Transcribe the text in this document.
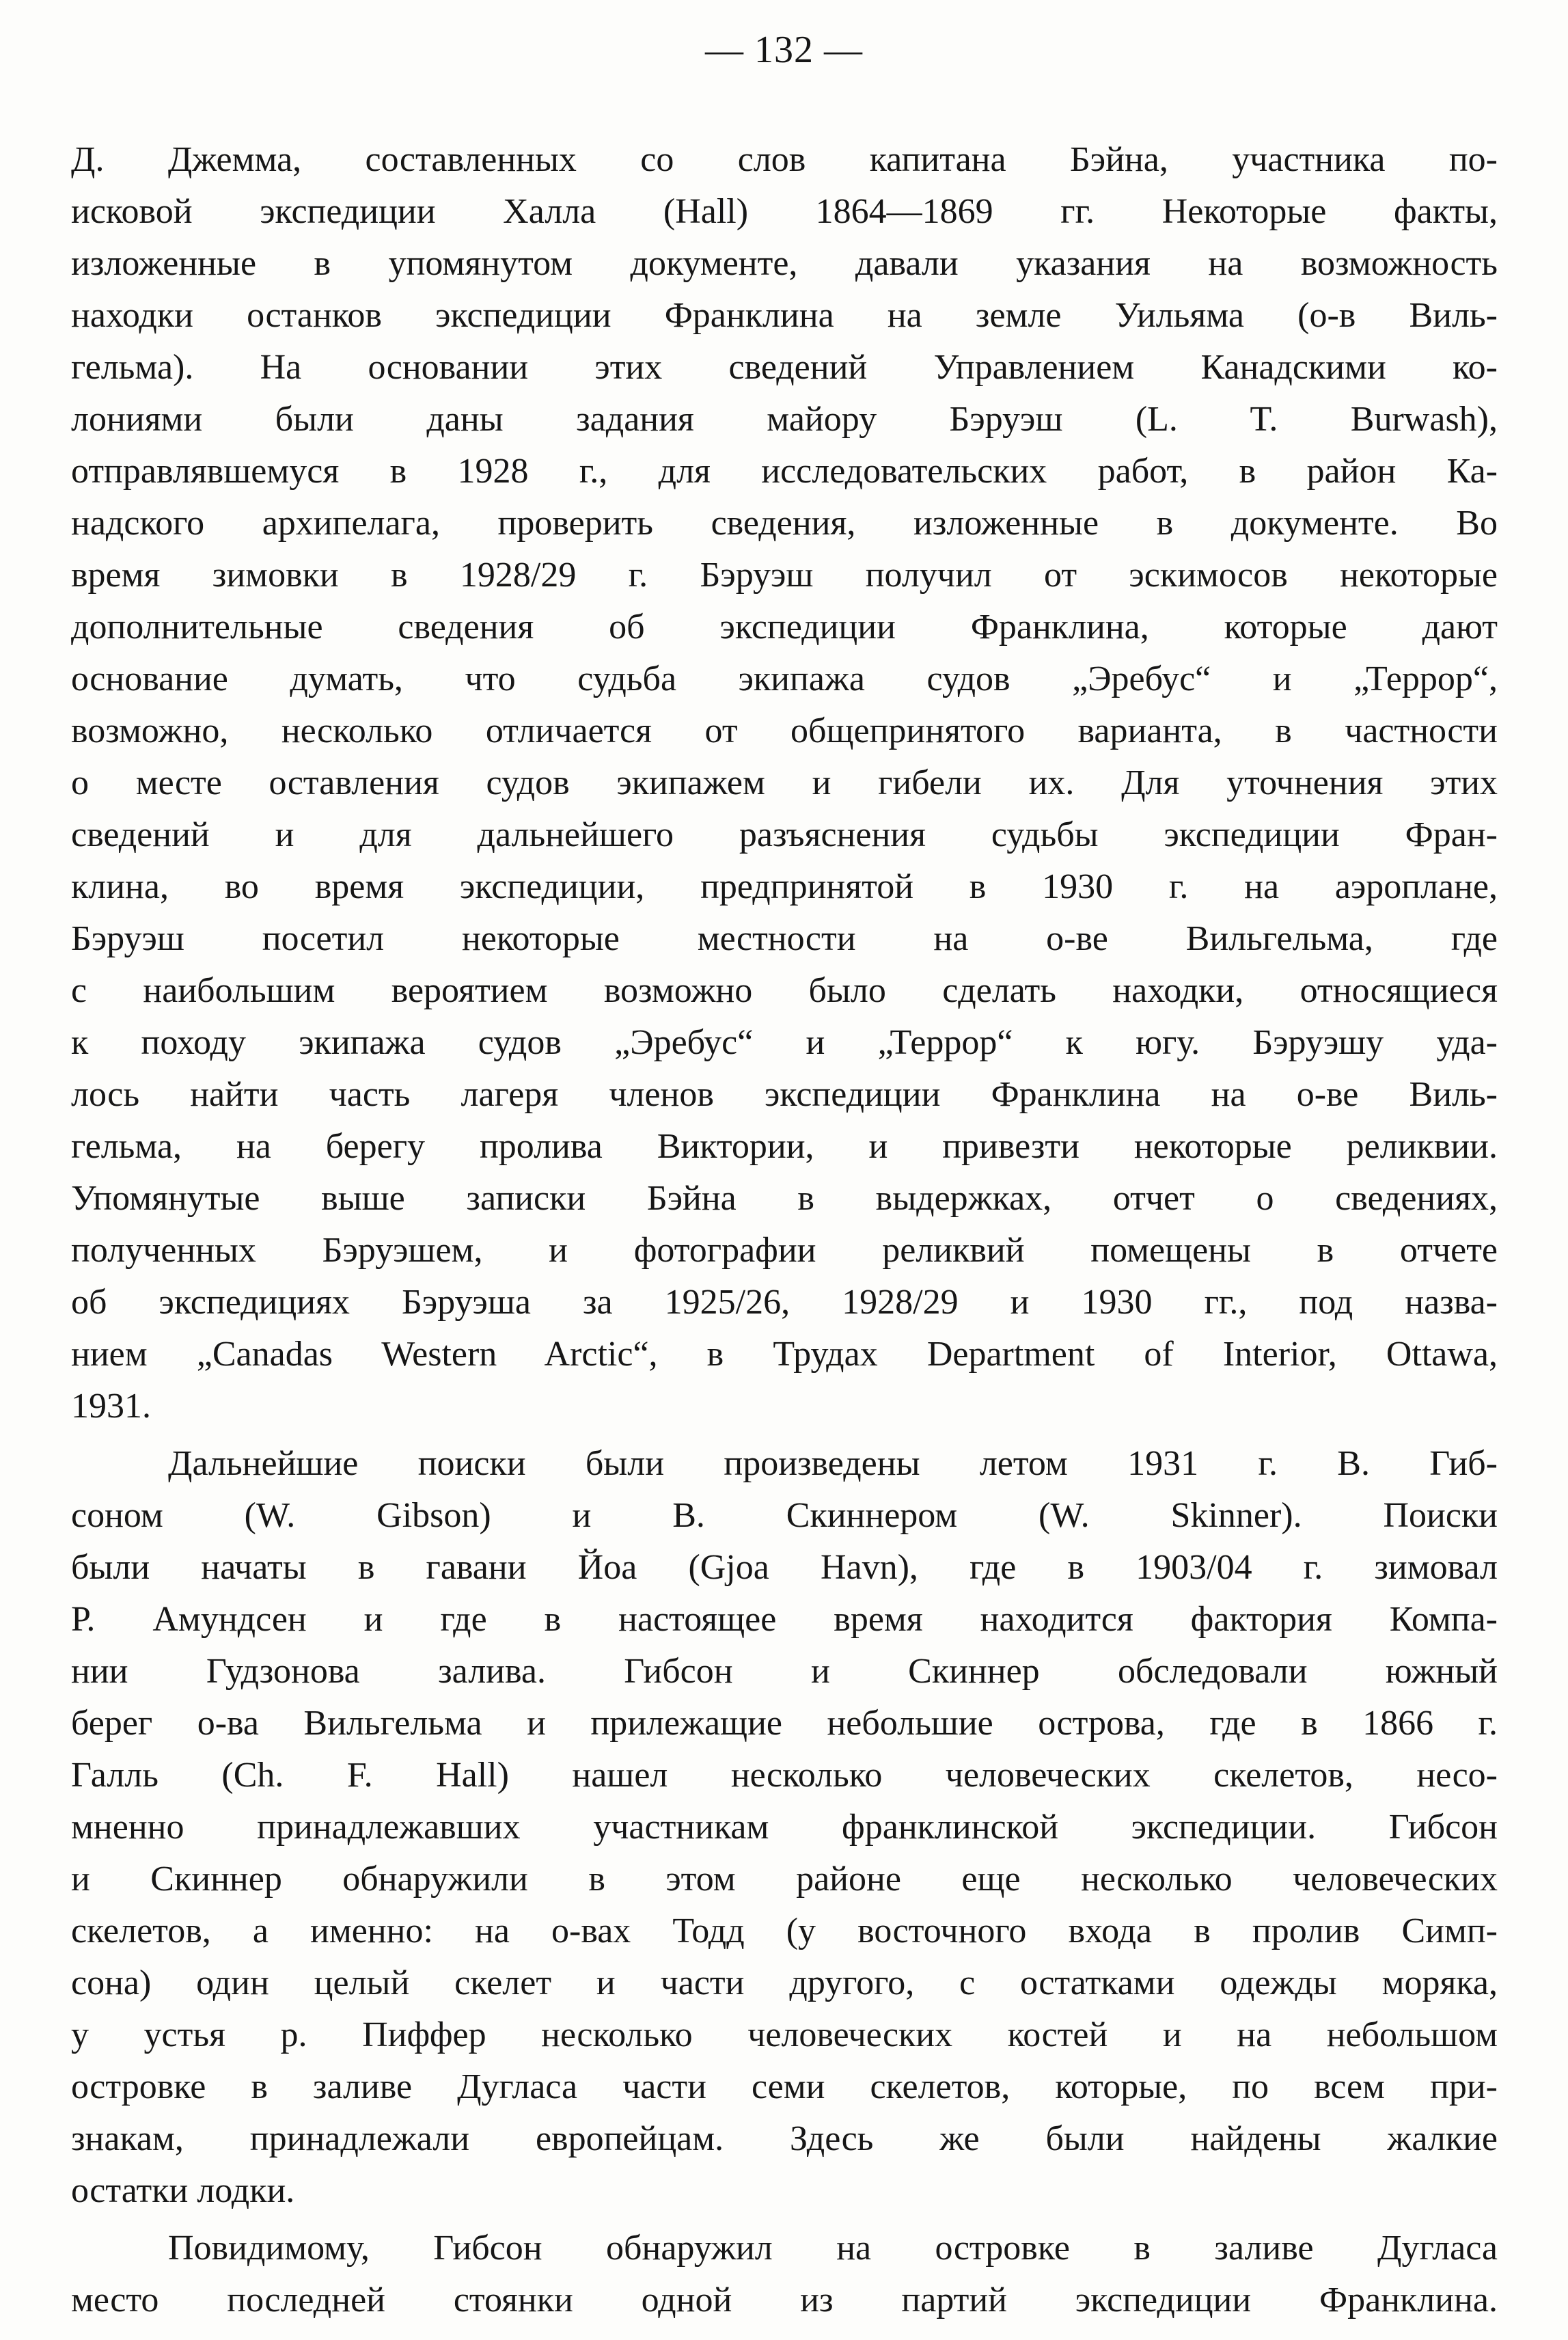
— 132 —
Д. Джемма, составленных со слов капитана Бэйна, участника по-
исковой экспедиции Халла (Hall) 1864—1869 гг. Некоторые факты,
изложенные в упомянутом документе, давали указания на возможность
находки останков экспедиции Франклина на земле Уильяма (о-в Виль-
гельма). На основании этих сведений Управлением Канадскими ко-
лониями были даны задания майору Бэруэш (L. T. Burwash),
отправлявшемуся в 1928 г., для исследовательских работ, в район Ка-
надского архипелага, проверить сведения, изложенные в документе. Во
время зимовки в 1928/29 г. Бэруэш получил от эскимосов некоторые
дополнительные сведения об экспедиции Франклина, которые дают
основание думать, что судьба экипажа судов „Эребус“ и „Террор“,
возможно, несколько отличается от общепринятого варианта, в частности
о месте оставления судов экипажем и гибели их. Для уточнения этих
сведений и для дальнейшего разъяснения судьбы экспедиции Фран-
клина, во время экспедиции, предпринятой в 1930 г. на аэроплане,
Бэруэш посетил некоторые местности на о-ве Вильгельма, где
с наибольшим вероятием возможно было сделать находки, относящиеся
к походу экипажа судов „Эребус“ и „Террор“ к югу. Бэруэшу уда-
лось найти часть лагеря членов экспедиции Франклина на о-ве Виль-
гельма, на берегу пролива Виктории, и привезти некоторые реликвии.
Упомянутые выше записки Бэйна в выдержках, отчет о сведениях,
полученных Бэруэшем, и фотографии реликвий помещены в отчете
об экспедициях Бэруэша за 1925/26, 1928/29 и 1930 гг., под назва-
нием „Canadas Western Arctic“, в Трудах Department of Interior, Ottawa,
1931.
Дальнейшие поиски были произведены летом 1931 г. В. Гиб-
соном (W. Gibson) и В. Скиннером (W. Skinner). Поиски
были начаты в гавани Йоа (Gjoa Havn), где в 1903/04 г. зимовал
Р. Амундсен и где в настоящее время находится фактория Компа-
нии Гудзонова залива. Гибсон и Скиннер обследовали южный
берег о-ва Вильгельма и прилежащие небольшие острова, где в 1866 г.
Галль (Ch. F. Hall) нашел несколько человеческих скелетов, несо-
мненно принадлежавших участникам франклинской экспедиции. Гибсон
и Скиннер обнаружили в этом районе еще несколько человеческих
скелетов, а именно: на о-вах Тодд (у восточного входа в пролив Симп-
сона) один целый скелет и части другого, с остатками одежды моряка,
у устья р. Пиффер несколько человеческих костей и на небольшом
островке в заливе Дугласа части семи скелетов, которые, по всем при-
знакам, принадлежали европейцам. Здесь же были найдены жалкие
остатки лодки.
Повидимому, Гибсон обнаружил на островке в заливе Дугласа
место последней стоянки одной из партий экспедиции Франклина.
